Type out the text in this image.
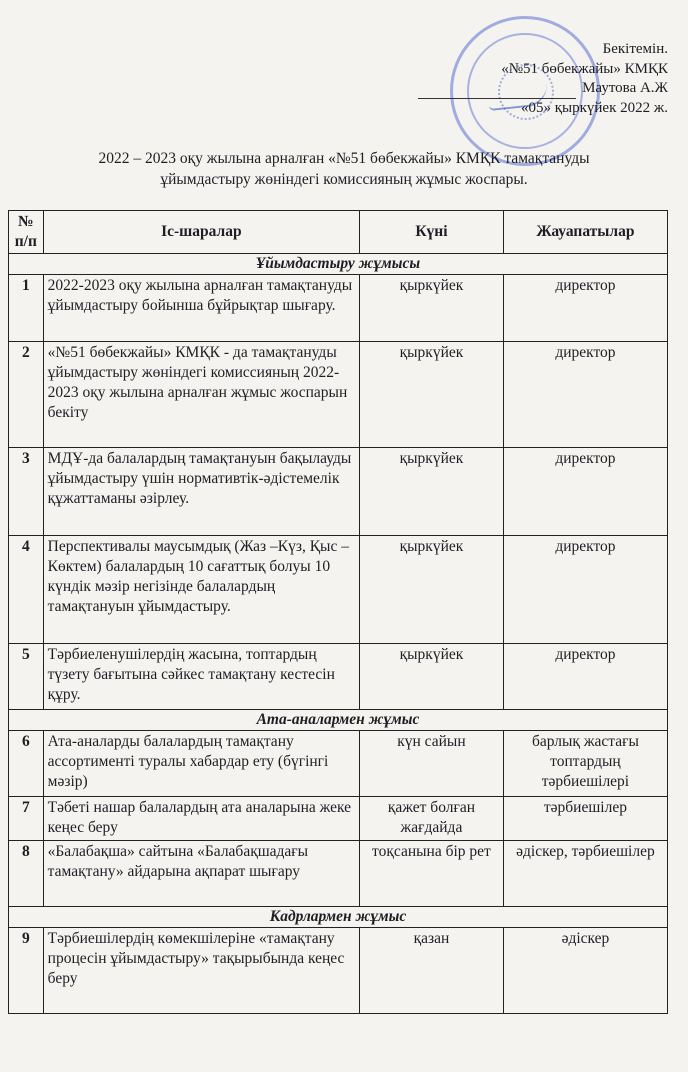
Бекітемін.
«№51 бөбекжайы» КМҚК
Маутова А.Ж
«05» қыркүйек 2022 ж.
2022 – 2023 оқу жылына арналған «№51 бөбекжайы» КМҚК тамақтануды
ұйымдастыру жөніндегі комиссияның жұмыс жоспары.
№ п/п	Іс-шаралар	Күні	Жауапатылар
Ұйымдастыру жұмысы			
1	2022-2023 оқу жылына арналған тамақтануды ұйымдастыру бойынша бұйрықтар шығару.	қыркүйек	директор
2	«№51 бөбекжайы» КМҚК - да тамақтануды ұйымдастыру жөніндегі комиссияның 2022-2023 оқу жылына арналған жұмыс жоспарын бекіту	қыркүйек	директор
3	МДҰ-да балалардың тамақтануын бақылауды ұйымдастыру үшін нормативтік-әдістемелік құжаттаманы әзірлеу.	қыркүйек	директор
4	Перспективалы маусымдық (Жаз –Күз, Қыс –Көктем) балалардың 10 сағаттық болуы 10 күндік мәзір негізінде балалардың тамақтануын ұйымдастыру.	қыркүйек	директор
5	Тәрбиеленушілердің жасына, топтардың түзету бағытына сәйкес тамақтану кестесін құру.	қыркүйек	директор
Ата-аналармен жұмыс			
6	Ата-аналарды балалардың тамақтану ассортименті туралы хабардар ету (бүгінгі мәзір)	күн сайын	барлық жастағы топтардың тәрбиешілері
7	Тәбеті нашар балалардың ата аналарына жеке кеңес беру	қажет болған жағдайда	тәрбиешілер
8	«Балабақша» сайтына «Балабақшадағы тамақтану» айдарына ақпарат шығару	тоқсанына бір рет	әдіскер, тәрбиешілер
Кадрлармен жұмыс			
9	Тәрбиешілердің көмекшілеріне «тамақтану процесін ұйымдастыру» тақырыбында кеңес беру	қазан	әдіскер
